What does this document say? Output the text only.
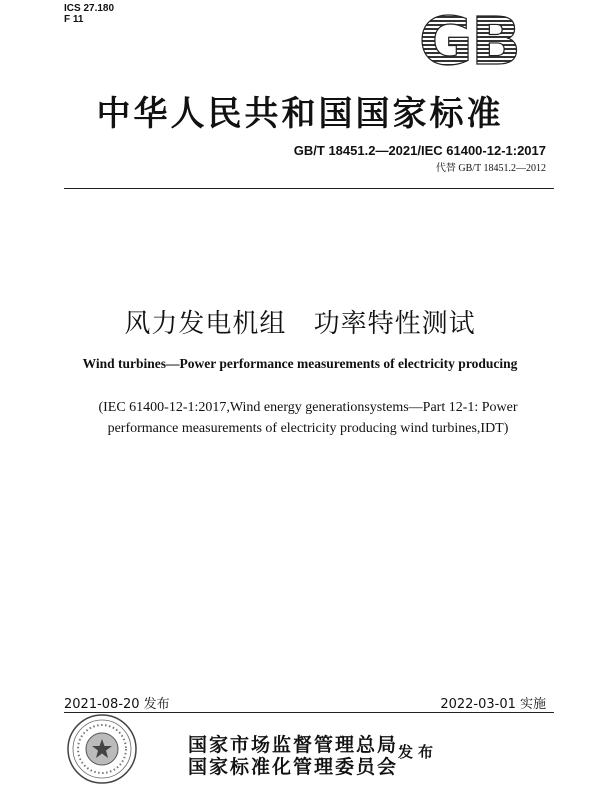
ICS 27.180
F 11	GB
中华人民共和国国家标准
GB/T 18451.2—2021/IEC 61400-12-1:2017
代替 GB/T 18451.2—2012
风力发电机组 功率特性测试
Wind turbines—Power performance measurements of electricity producing
(IEC 61400-12-1:2017,Wind energy generationsystems—Part 12-1: Power performance measurements of electricity producing wind turbines,IDT)
2021-08-20 发布	2022-03-01 实施
国家市场监督管理总局
国家标准化管理委员会
发布
